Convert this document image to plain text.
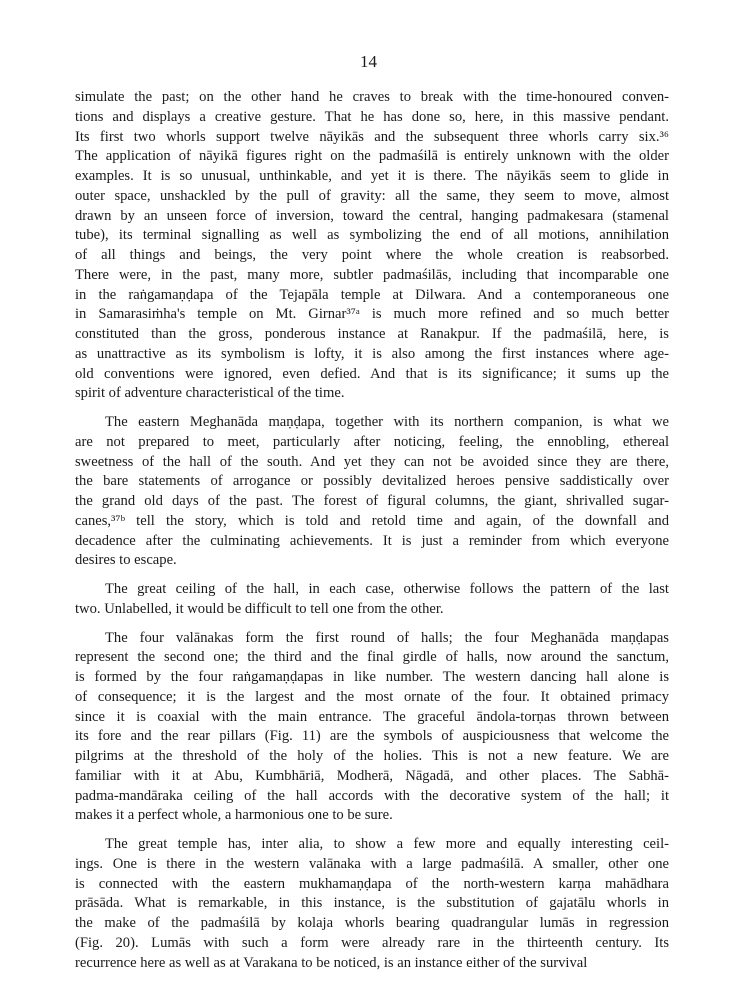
14
simulate the past; on the other hand he craves to break with the time-honoured conven-
tions and displays a creative gesture. That he has done so, here, in this massive pendant.
Its first two whorls support twelve nāyikās and the subsequent three whorls carry six.³⁶
The application of nāyikā figures right on the padmaśilā is entirely unknown with the older
examples. It is so unusual, unthinkable, and yet it is there. The nāyikās seem to glide in
outer space, unshackled by the pull of gravity: all the same, they seem to move, almost
drawn by an unseen force of inversion, toward the central, hanging padmakesara (stamenal
tube), its terminal signalling as well as symbolizing the end of all motions, annihilation
of all things and beings, the very point where the whole creation is reabsorbed.
There were, in the past, many more, subtler padmaśilās, including that incomparable one
in the raṅgamaṇḍapa of the Tejapāla temple at Dilwara. And a contemporaneous one
in Samarasiṁha's temple on Mt. Girnar³⁷ᵃ is much more refined and so much better
constituted than the gross, ponderous instance at Ranakpur. If the padmaśilā, here, is
as unattractive as its symbolism is lofty, it is also among the first instances where age-
old conventions were ignored, even defied. And that is its significance; it sums up the
spirit of adventure characteristical of the time.
The eastern Meghanāda maṇḍapa, together with its northern companion, is what we
are not prepared to meet, particularly after noticing, feeling, the ennobling, ethereal
sweetness of the hall of the south. And yet they can not be avoided since they are there,
the bare statements of arrogance or possibly devitalized heroes pensive saddistically over
the grand old days of the past. The forest of figural columns, the giant, shrivalled sugar-
canes,³⁷ᵇ tell the story, which is told and retold time and again, of the downfall and
decadence after the culminating achievements. It is just a reminder from which everyone
desires to escape.
The great ceiling of the hall, in each case, otherwise follows the pattern of the last
two. Unlabelled, it would be difficult to tell one from the other.
The four valānakas form the first round of halls; the four Meghanāda maṇḍapas
represent the second one; the third and the final girdle of halls, now around the sanctum,
is formed by the four raṅgamaṇḍapas in like number. The western dancing hall alone is
of consequence; it is the largest and the most ornate of the four. It obtained primacy
since it is coaxial with the main entrance. The graceful āndola-torṇas thrown between
its fore and the rear pillars (Fig. 11) are the symbols of auspiciousness that welcome the
pilgrims at the threshold of the holy of the holies. This is not a new feature. We are
familiar with it at Abu, Kumbhāriā, Modherā, Nāgadā, and other places. The Sabhā-
padma-mandāraka ceiling of the hall accords with the decorative system of the hall; it
makes it a perfect whole, a harmonious one to be sure.
The great temple has, inter alia, to show a few more and equally interesting ceil-
ings. One is there in the western valānaka with a large padmaśilā. A smaller, other one
is connected with the eastern mukhamaṇḍapa of the north-western karṇa mahādhara
prāsāda. What is remarkable, in this instance, is the substitution of gajatālu whorls in
the make of the padmaśilā by kolaja whorls bearing quadrangular lumās in regression
(Fig. 20). Lumās with such a form were already rare in the thirteenth century. Its
recurrence here as well as at Varakana to be noticed, is an instance either of the survival
